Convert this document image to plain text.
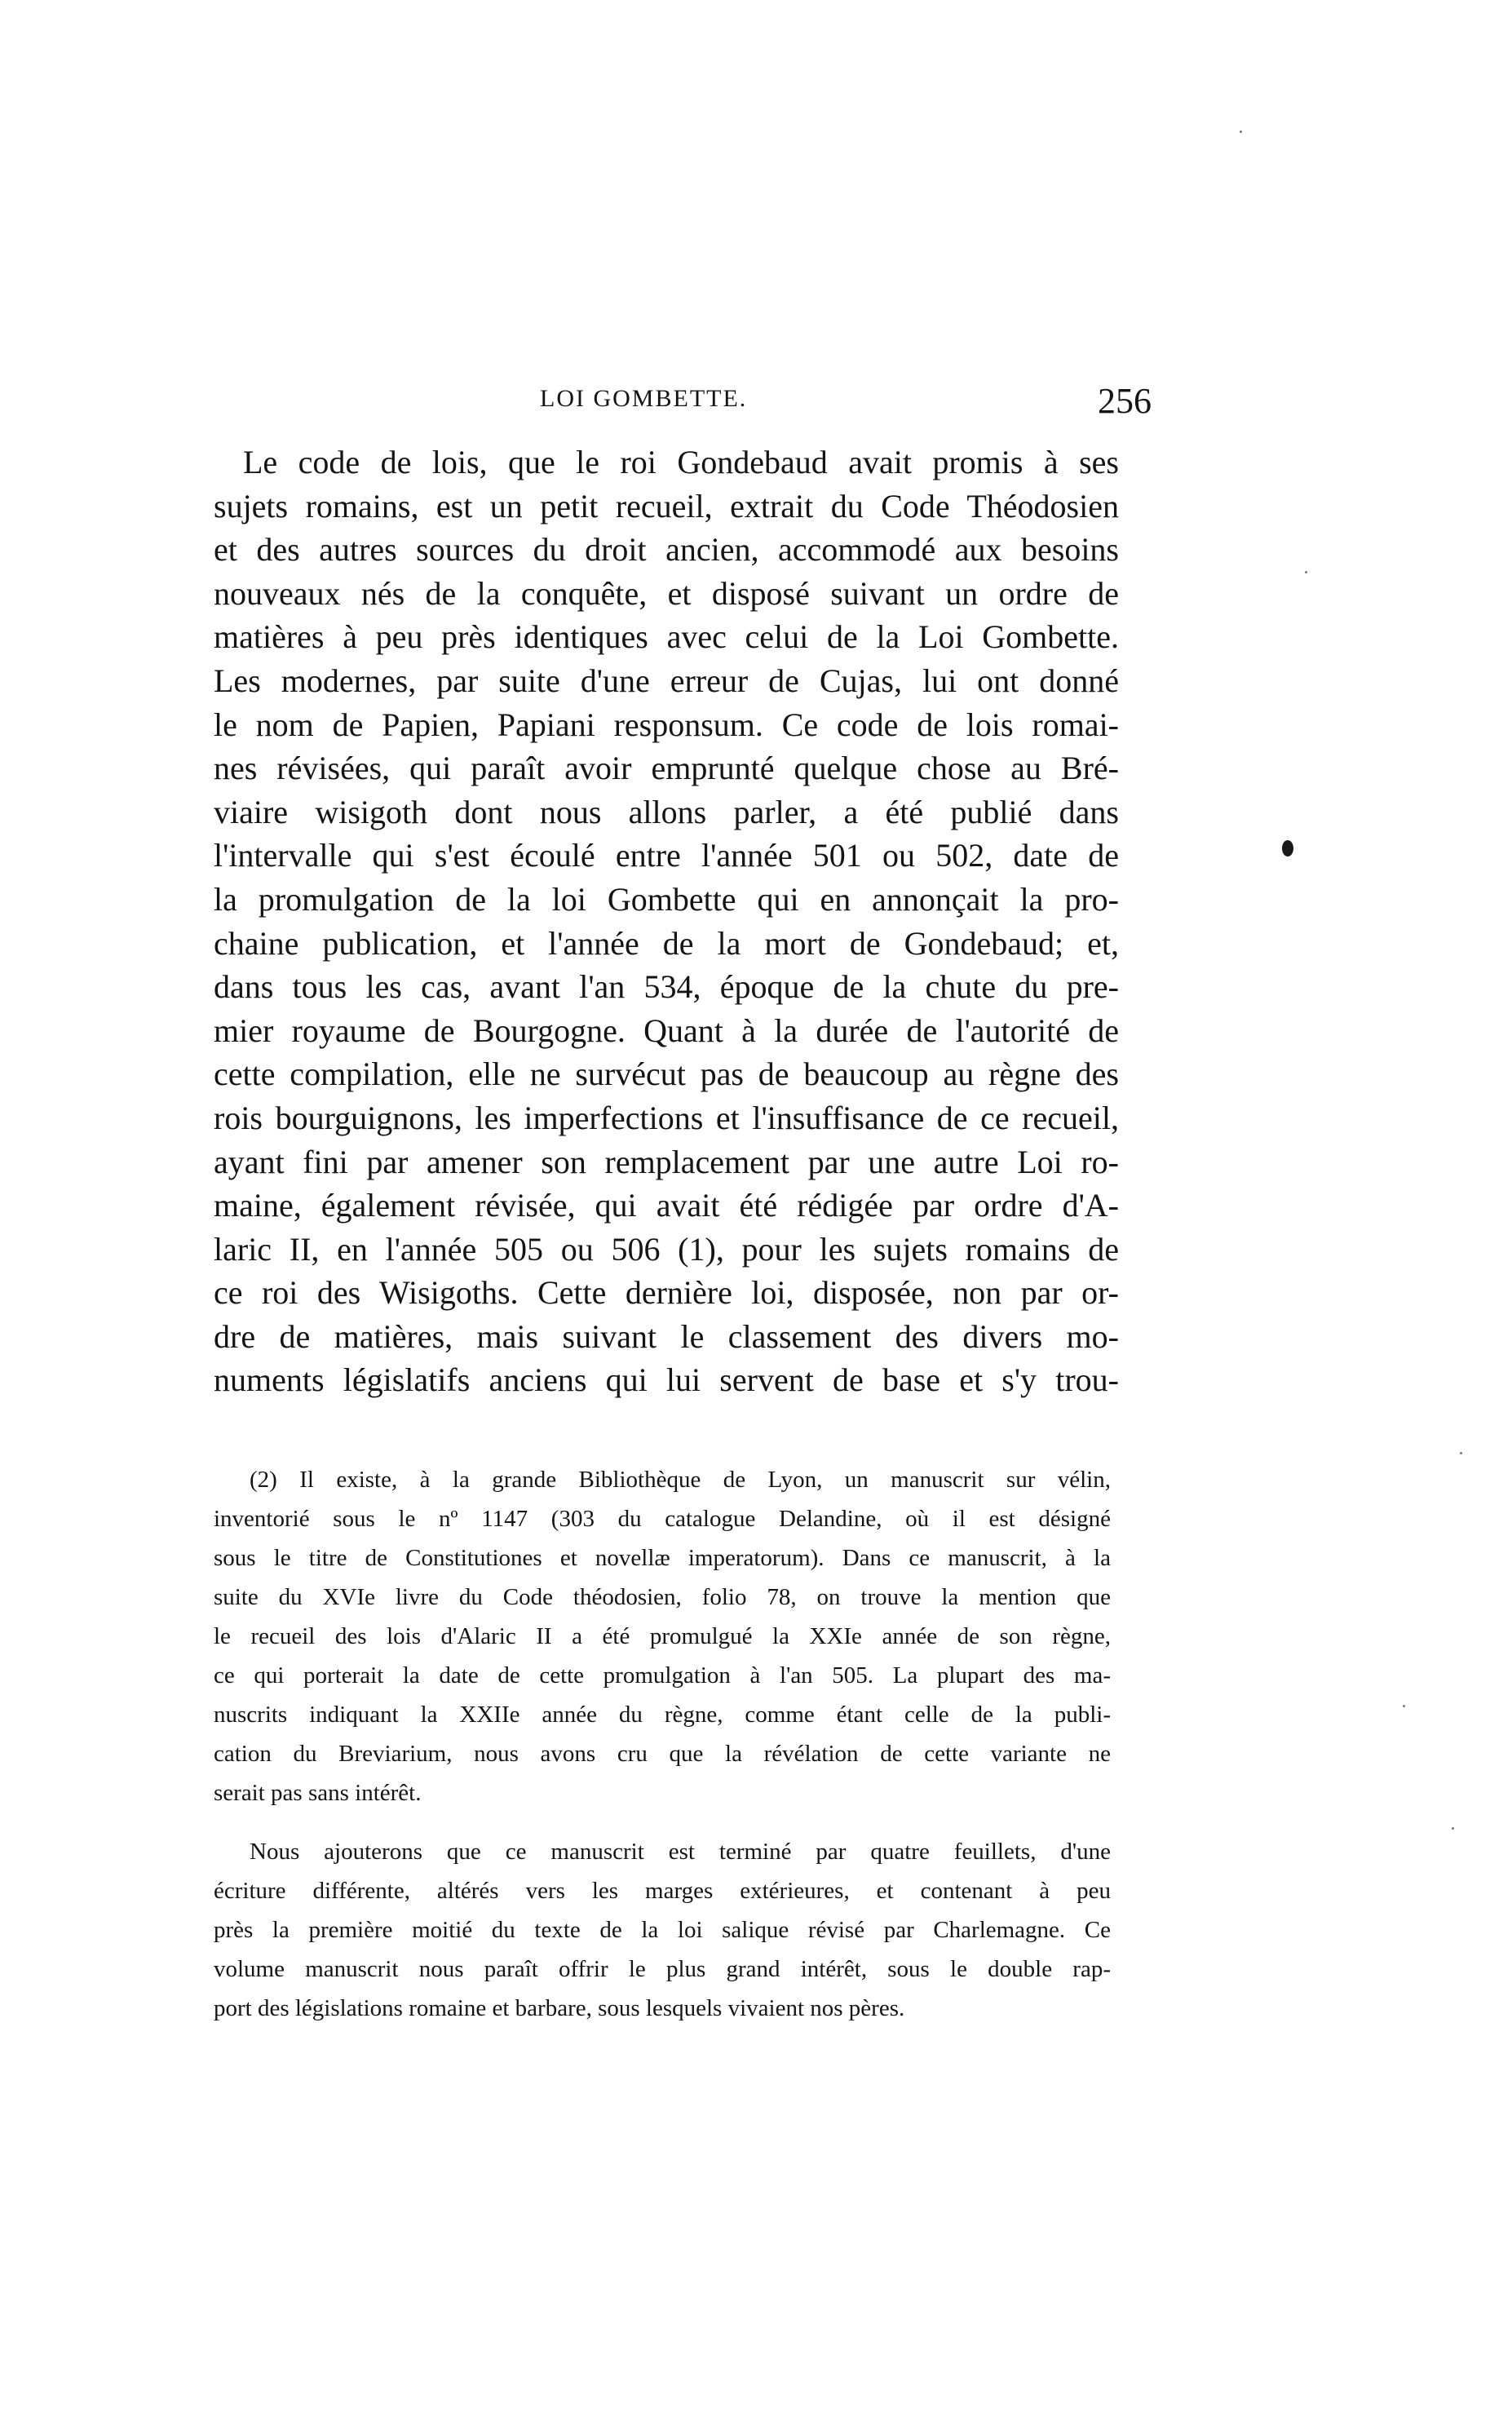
LOI GOMBETTE.	256
Le code de lois, que le roi Gondebaud avait promis à ses
sujets romains, est un petit recueil, extrait du Code Théodosien
et des autres sources du droit ancien, accommodé aux besoins
nouveaux nés de la conquête, et disposé suivant un ordre de
matières à peu près identiques avec celui de la Loi Gombette.
Les modernes, par suite d'une erreur de Cujas, lui ont donné
le nom de Papien, Papiani responsum. Ce code de lois romai-
nes révisées, qui paraît avoir emprunté quelque chose au Bré-
viaire wisigoth dont nous allons parler, a été publié dans
l'intervalle qui s'est écoulé entre l'année 501 ou 502, date de
la promulgation de la loi Gombette qui en annonçait la pro-
chaine publication, et l'année de la mort de Gondebaud; et,
dans tous les cas, avant l'an 534, époque de la chute du pre-
mier royaume de Bourgogne. Quant à la durée de l'autorité de
cette compilation, elle ne survécut pas de beaucoup au règne des
rois bourguignons, les imperfections et l'insuffisance de ce recueil,
ayant fini par amener son remplacement par une autre Loi ro-
maine, également révisée, qui avait été rédigée par ordre d'A-
laric II, en l'année 505 ou 506 (1), pour les sujets romains de
ce roi des Wisigoths. Cette dernière loi, disposée, non par or-
dre de matières, mais suivant le classement des divers mo-
numents législatifs anciens qui lui servent de base et s'y trou-
(2) Il existe, à la grande Bibliothèque de Lyon, un manuscrit sur vélin,
inventorié sous le nº 1147 (303 du catalogue Delandine, où il est désigné
sous le titre de Constitutiones et novellæ imperatorum). Dans ce manuscrit, à la
suite du XVIe livre du Code théodosien, folio 78, on trouve la mention que
le recueil des lois d'Alaric II a été promulgué la XXIe année de son règne,
ce qui porterait la date de cette promulgation à l'an 505. La plupart des ma-
nuscrits indiquant la XXIIe année du règne, comme étant celle de la publi-
cation du Breviarium, nous avons cru que la révélation de cette variante ne
serait pas sans intérêt.
Nous ajouterons que ce manuscrit est terminé par quatre feuillets, d'une
écriture différente, altérés vers les marges extérieures, et contenant à peu
près la première moitié du texte de la loi salique révisé par Charlemagne. Ce
volume manuscrit nous paraît offrir le plus grand intérêt, sous le double rap-
port des législations romaine et barbare, sous lesquels vivaient nos pères.
